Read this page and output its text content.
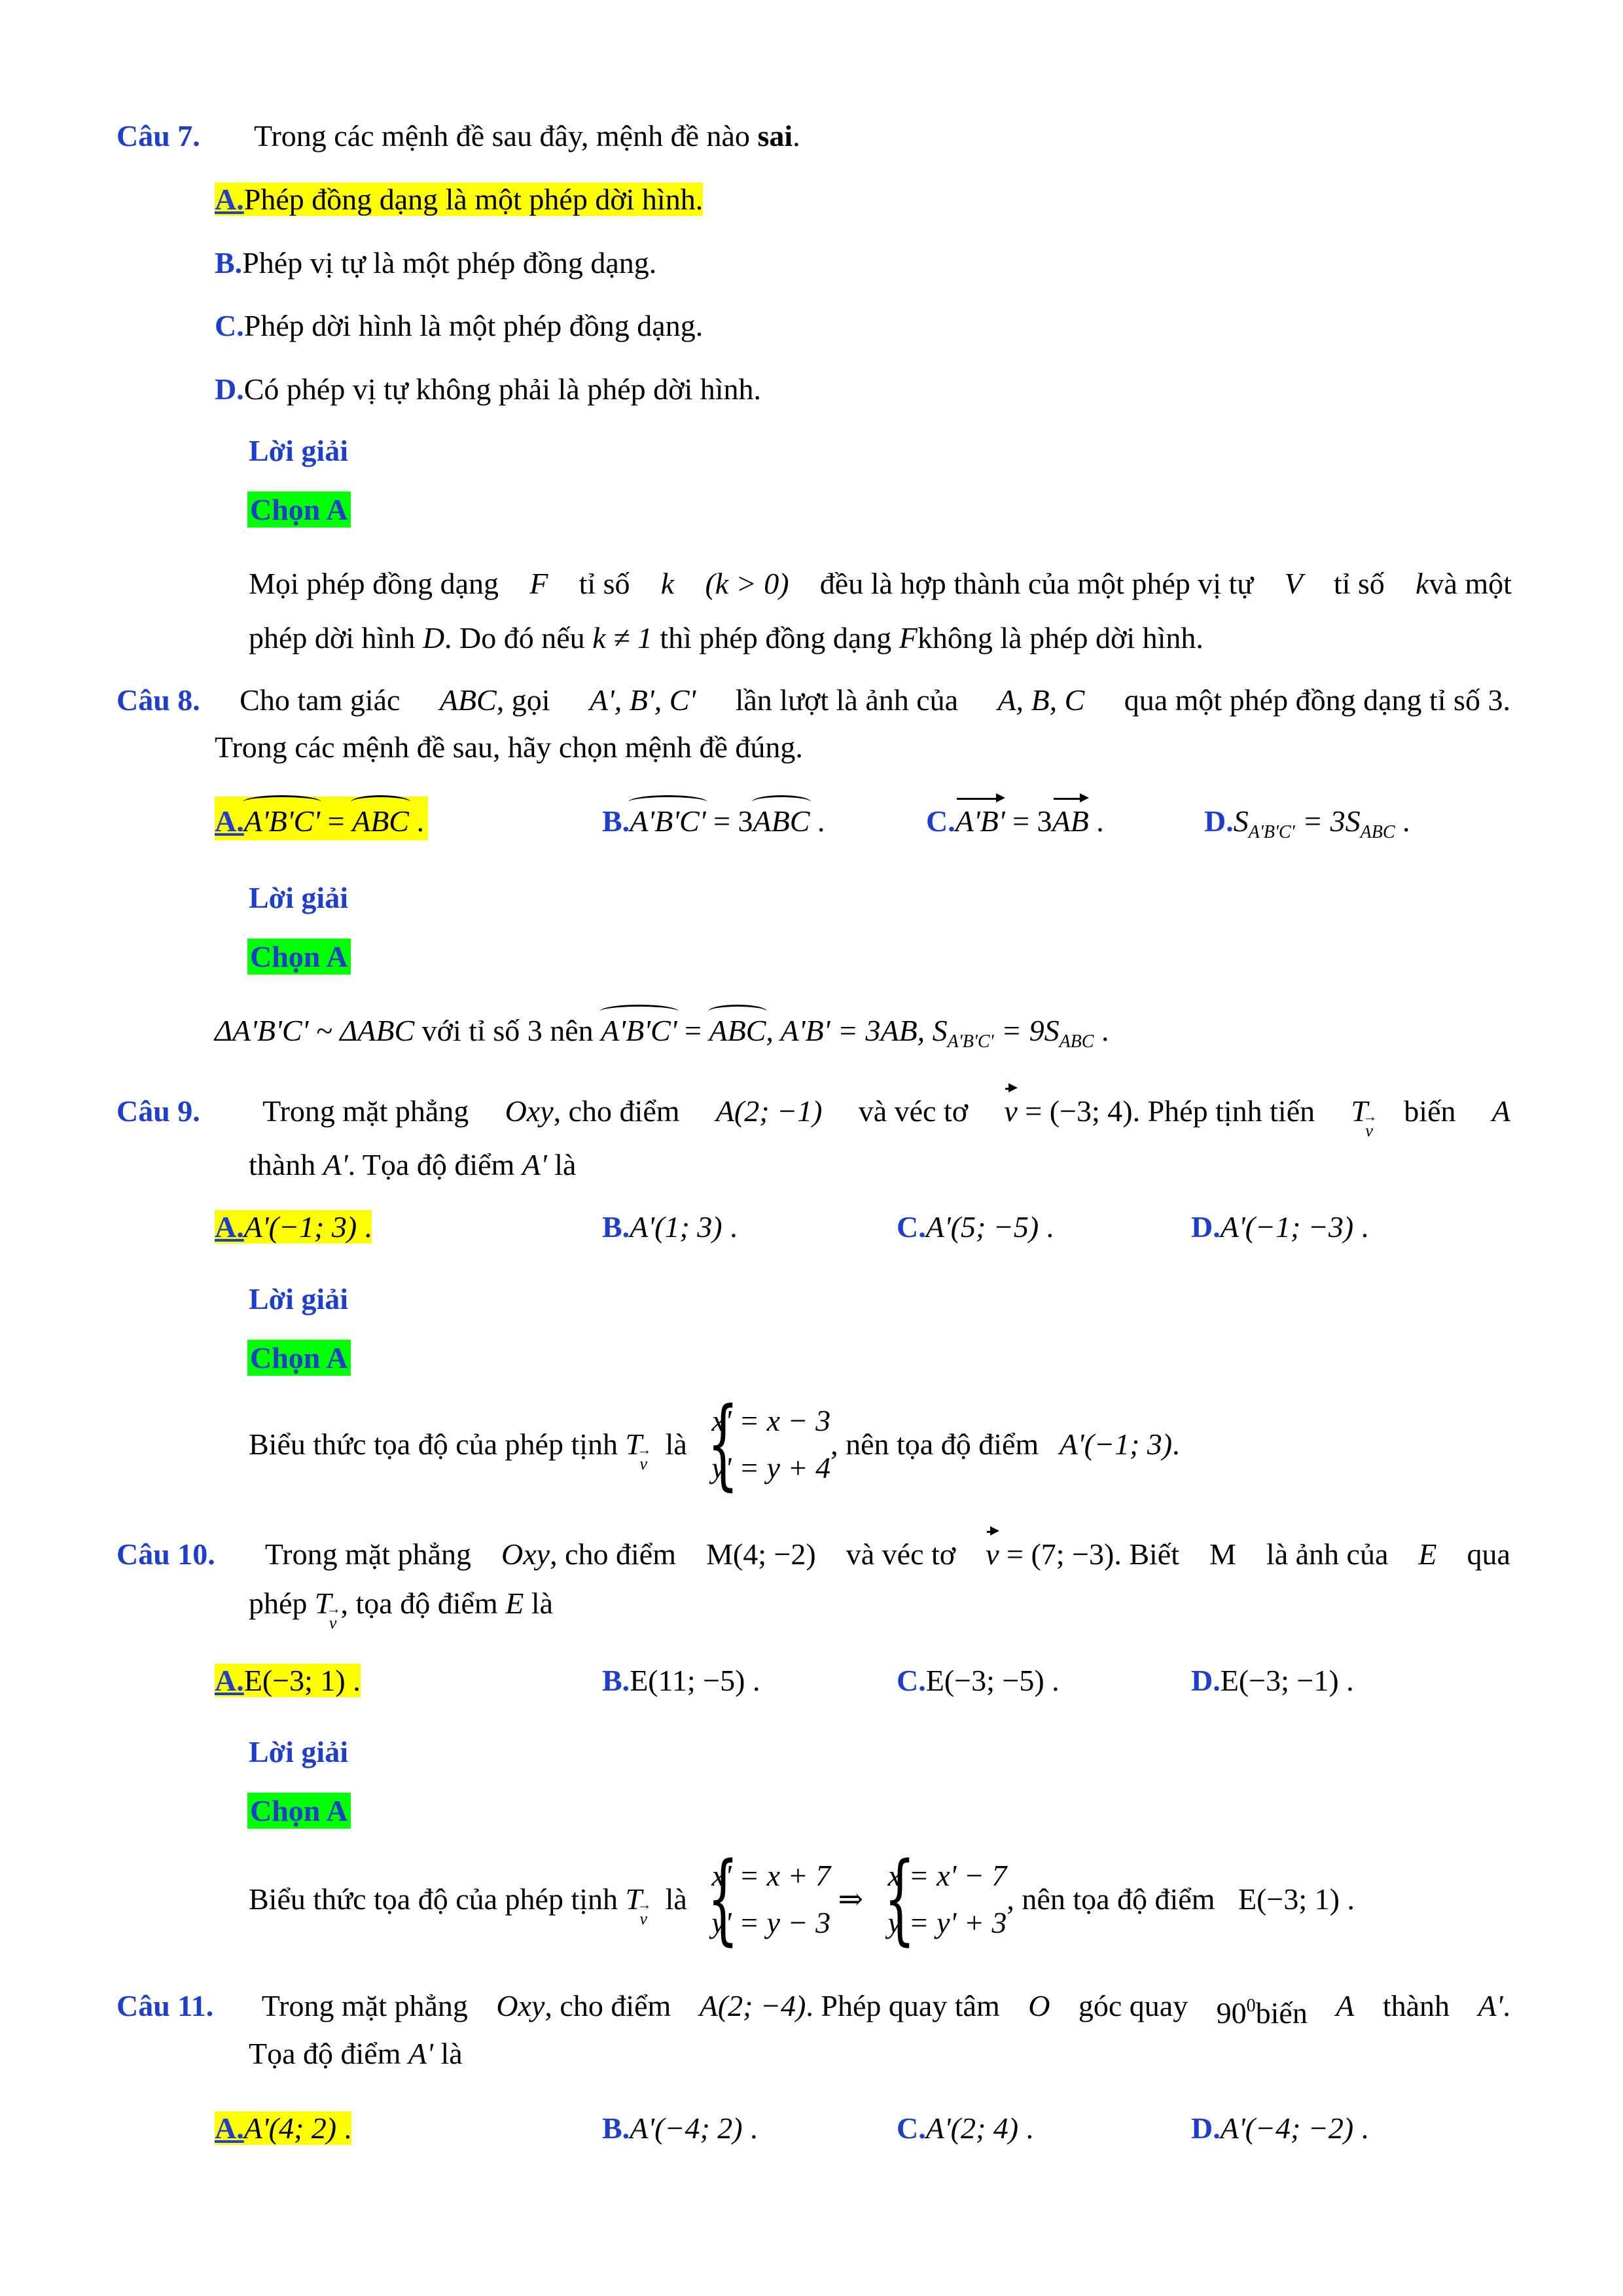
Câu 7. Trong các mệnh đề sau đây, mệnh đề nào sai.
A.Phép đồng dạng là một phép dời hình.
B.Phép vị tự là một phép đồng dạng.
C.Phép dời hình là một phép đồng dạng.
D.Có phép vị tự không phải là phép dời hình.
Lời giải
Chọn A
Mọi phép đồng dạng F tỉ số k (k > 0) đều là hợp thành của một phép vị tự V tỉ số kvà một
phép dời hình D. Do đó nếu k ≠ 1 thì phép đồng dạng Fkhông là phép dời hình.
Câu 8. Cho tam giác ABC, gọi A', B', C' lần lượt là ảnh của A, B, C qua một phép đồng dạng tỉ số 3.
Trong các mệnh đề sau, hãy chọn mệnh đề đúng.
A.A'B'C' = ABC .	B.A'B'C' = 3ABC .	C.A'B' = 3AB .	$D.S_{A'B'C'} = 3S_{ABC}$ .
Lời giải
Chọn A
ΔA'B'C' ~ ΔABC với tỉ số 3 nên A'B'C' = ABC, A'B' = 3AB, $S_{A'B'C'} = 9S_{ABC}$ .
Câu 9. Trong mặt phẳng Oxy, cho điểm A(2; −1) và véc tơ v = (−3; 4). Phép tịnh tiến T
→ v
biến A
thành A'. Tọa độ điểm A' là
A.A'(−1; 3) .	B.A'(1; 3) .	C.A'(5; −5) .	D.A'(−1; −3) .
Lời giải
Chọn A
Biểu thức tọa độ của phép tịnh T
→ v
là
{ x' = x − 3
y' = y + 4
, nên tọa độ điểm A'(−1; 3).
Câu 10. Trong mặt phẳng Oxy, cho điểm M(4; −2) và véc tơ v = (7; −3). Biết M là ảnh của E qua
phép T
→ v
, tọa độ điểm E là
A.E(−3; 1) .	B.E(11; −5) .	C.E(−3; −5) .	D.E(−3; −1) .
Lời giải
Chọn A
Biểu thức tọa độ của phép tịnh T
→ v
là
{ x' = x + 7
y' = y − 3
⇒
{ x = x' − 7
y = y' + 3
, nên tọa độ điểm E(−3; 1) .
Câu 11. Trong mặt phẳng Oxy, cho điểm A(2; −4). Phép quay tâm O góc quay $90^0biến$ A thành A'.
Tọa độ điểm A' là
A.A'(4; 2) .	B.A'(−4; 2) .	C.A'(2; 4) .	D.A'(−4; −2) .
